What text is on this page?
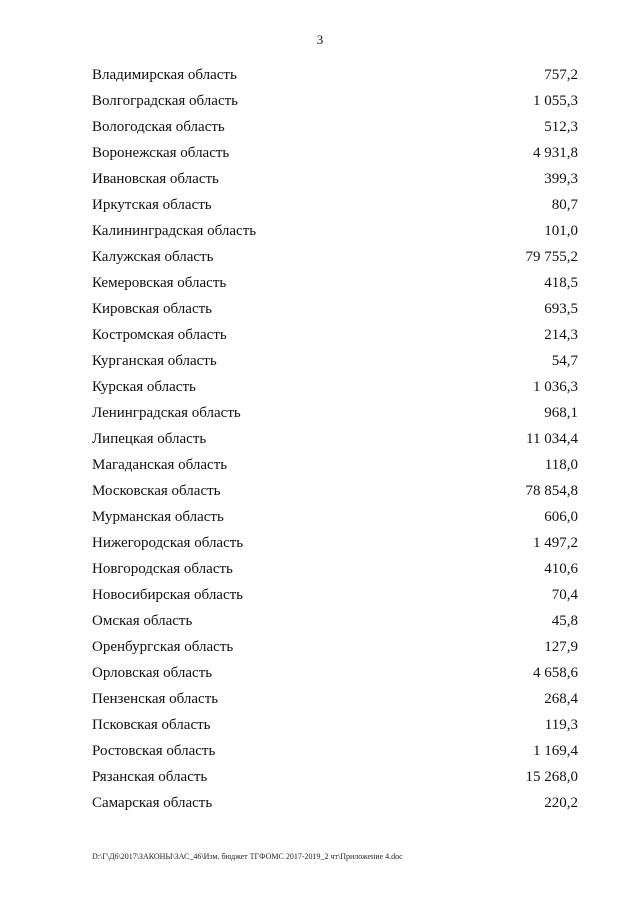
3
Владимирская область	757,2
Волгоградская область	1 055,3
Вологодская область	512,3
Воронежская область	4 931,8
Ивановская область	399,3
Иркутская область	80,7
Калининградская область	101,0
Калужская область	79 755,2
Кемеровская область	418,5
Кировская область	693,5
Костромская область	214,3
Курганская область	54,7
Курская область	1 036,3
Ленинградская область	968,1
Липецкая область	11 034,4
Магаданская область	118,0
Московская область	78 854,8
Мурманская область	606,0
Нижегородская область	1 497,2
Новгородская область	410,6
Новосибирская область	70,4
Омская область	45,8
Оренбургская область	127,9
Орловская область	4 658,6
Пензенская область	268,4
Псковская область	119,3
Ростовская область	1 169,4
Рязанская область	15 268,0
Самарская область	220,2
D:\Г\Д6\2017\ЗАКОНЫ\ЗАС_46\Изм. бюджет ТГФОМС 2017-2019_2 чт\Приложение 4.doc
